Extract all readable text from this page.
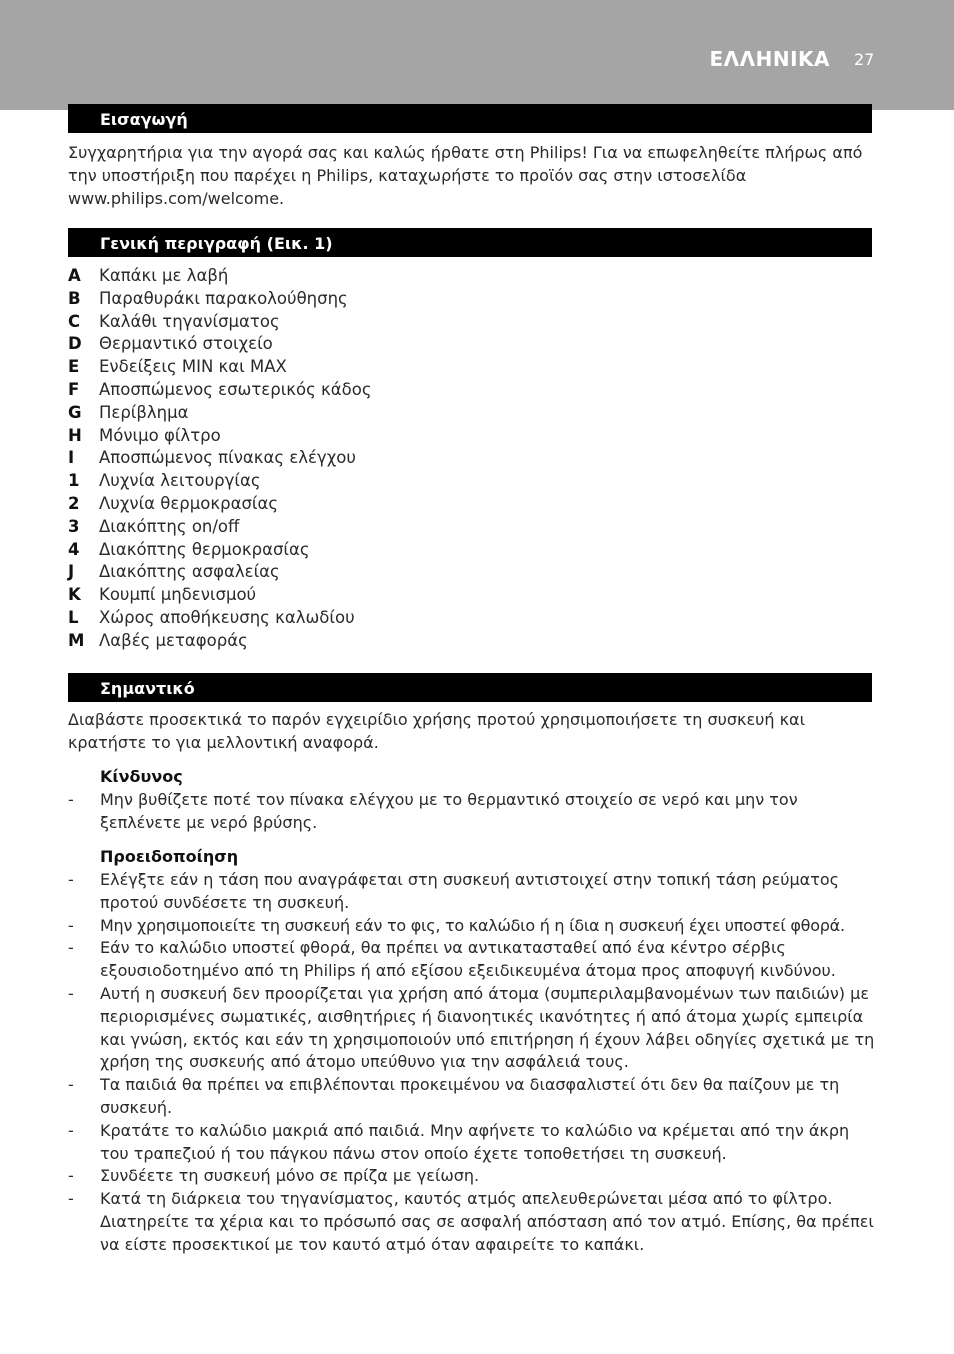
ΕΛΛΗΝΙΚΑ 27
Εισαγωγή

Συγχαρητήρια για την αγορά σας και καλώς ήρθατε στη Philips! Για να επωφεληθείτε πλήρως από την υποστήριξη που παρέχει η Philips, καταχωρήστε το προϊόν σας στην ιστοσελίδα www.philips.com/welcome.

Γενική περιγραφή (Εικ. 1)
A	Καπάκι με λαβή
B	Παραθυράκι παρακολούθησης
C	Καλάθι τηγανίσματος
D	Θερμαντικό στοιχείο
E	Ενδείξεις MIN και MAX
F	Αποσπώμενος εσωτερικός κάδος
G	Περίβλημα
H	Μόνιμο φίλτρο
I	Αποσπώμενος πίνακας ελέγχου
1	Λυχνία λειτουργίας
2	Λυχνία θερμοκρασίας
3	Διακόπτης on/off
4	Διακόπτης θερμοκρασίας
J	Διακόπτης ασφαλείας
K	Κουμπί μηδενισμού
L	Χώρος αποθήκευσης καλωδίου
M Λαβές μεταφοράς
Σημαντικό

Διαβάστε προσεκτικά το παρόν εγχειρίδιο χρήσης προτού χρησιμοποιήσετε τη συσκευή και κρατήστε το για μελλοντική αναφορά.

Κίνδυνος
- Μην βυθίζετε ποτέ τον πίνακα ελέγχου με το θερμαντικό στοιχείο σε νερό και μην τον ξεπλένετε με νερό βρύσης.
Προειδοποίηση
- Ελέγξτε εάν η τάση που αναγράφεται στη συσκευή αντιστοιχεί στην τοπική τάση ρεύματος προτού συνδέσετε τη συσκευή.
- Μην χρησιμοποιείτε τη συσκευή εάν το φις, το καλώδιο ή η ίδια η συσκευή έχει υποστεί φθορά.
- Εάν το καλώδιο υποστεί φθορά, θα πρέπει να αντικατασταθεί από ένα κέντρο σέρβις εξουσιοδοτημένο από τη Philips ή από εξίσου εξειδικευμένα άτομα προς αποφυγή κινδύνου.
- Αυτή η συσκευή δεν προορίζεται για χρήση από άτομα (συμπεριλαμβανομένων των παιδιών) με περιορισμένες σωματικές, αισθητήριες ή διανοητικές ικανότητες ή από άτομα χωρίς εμπειρία και γνώση, εκτός και εάν τη χρησιμοποιούν υπό επιτήρηση ή έχουν λάβει οδηγίες σχετικά με τη χρήση της συσκευής από άτομο υπεύθυνο για την ασφάλειά τους.
- Τα παιδιά θα πρέπει να επιβλέπονται προκειμένου να διασφαλιστεί ότι δεν θα παίζουν με τη συσκευή.
- Κρατάτε το καλώδιο μακριά από παιδιά. Μην αφήνετε το καλώδιο να κρέμεται από την άκρη του τραπεζιού ή του πάγκου πάνω στον οποίο έχετε τοποθετήσει τη συσκευή.
- Συνδέετε τη συσκευή μόνο σε πρίζα με γείωση.
- Κατά τη διάρκεια του τηγανίσματος, καυτός ατμός απελευθερώνεται μέσα από το φίλτρο. Διατηρείτε τα χέρια και το πρόσωπό σας σε ασφαλή απόσταση από τον ατμό. Επίσης, θα πρέπει να είστε προσεκτικοί με τον καυτό ατμό όταν αφαιρείτε το καπάκι.
